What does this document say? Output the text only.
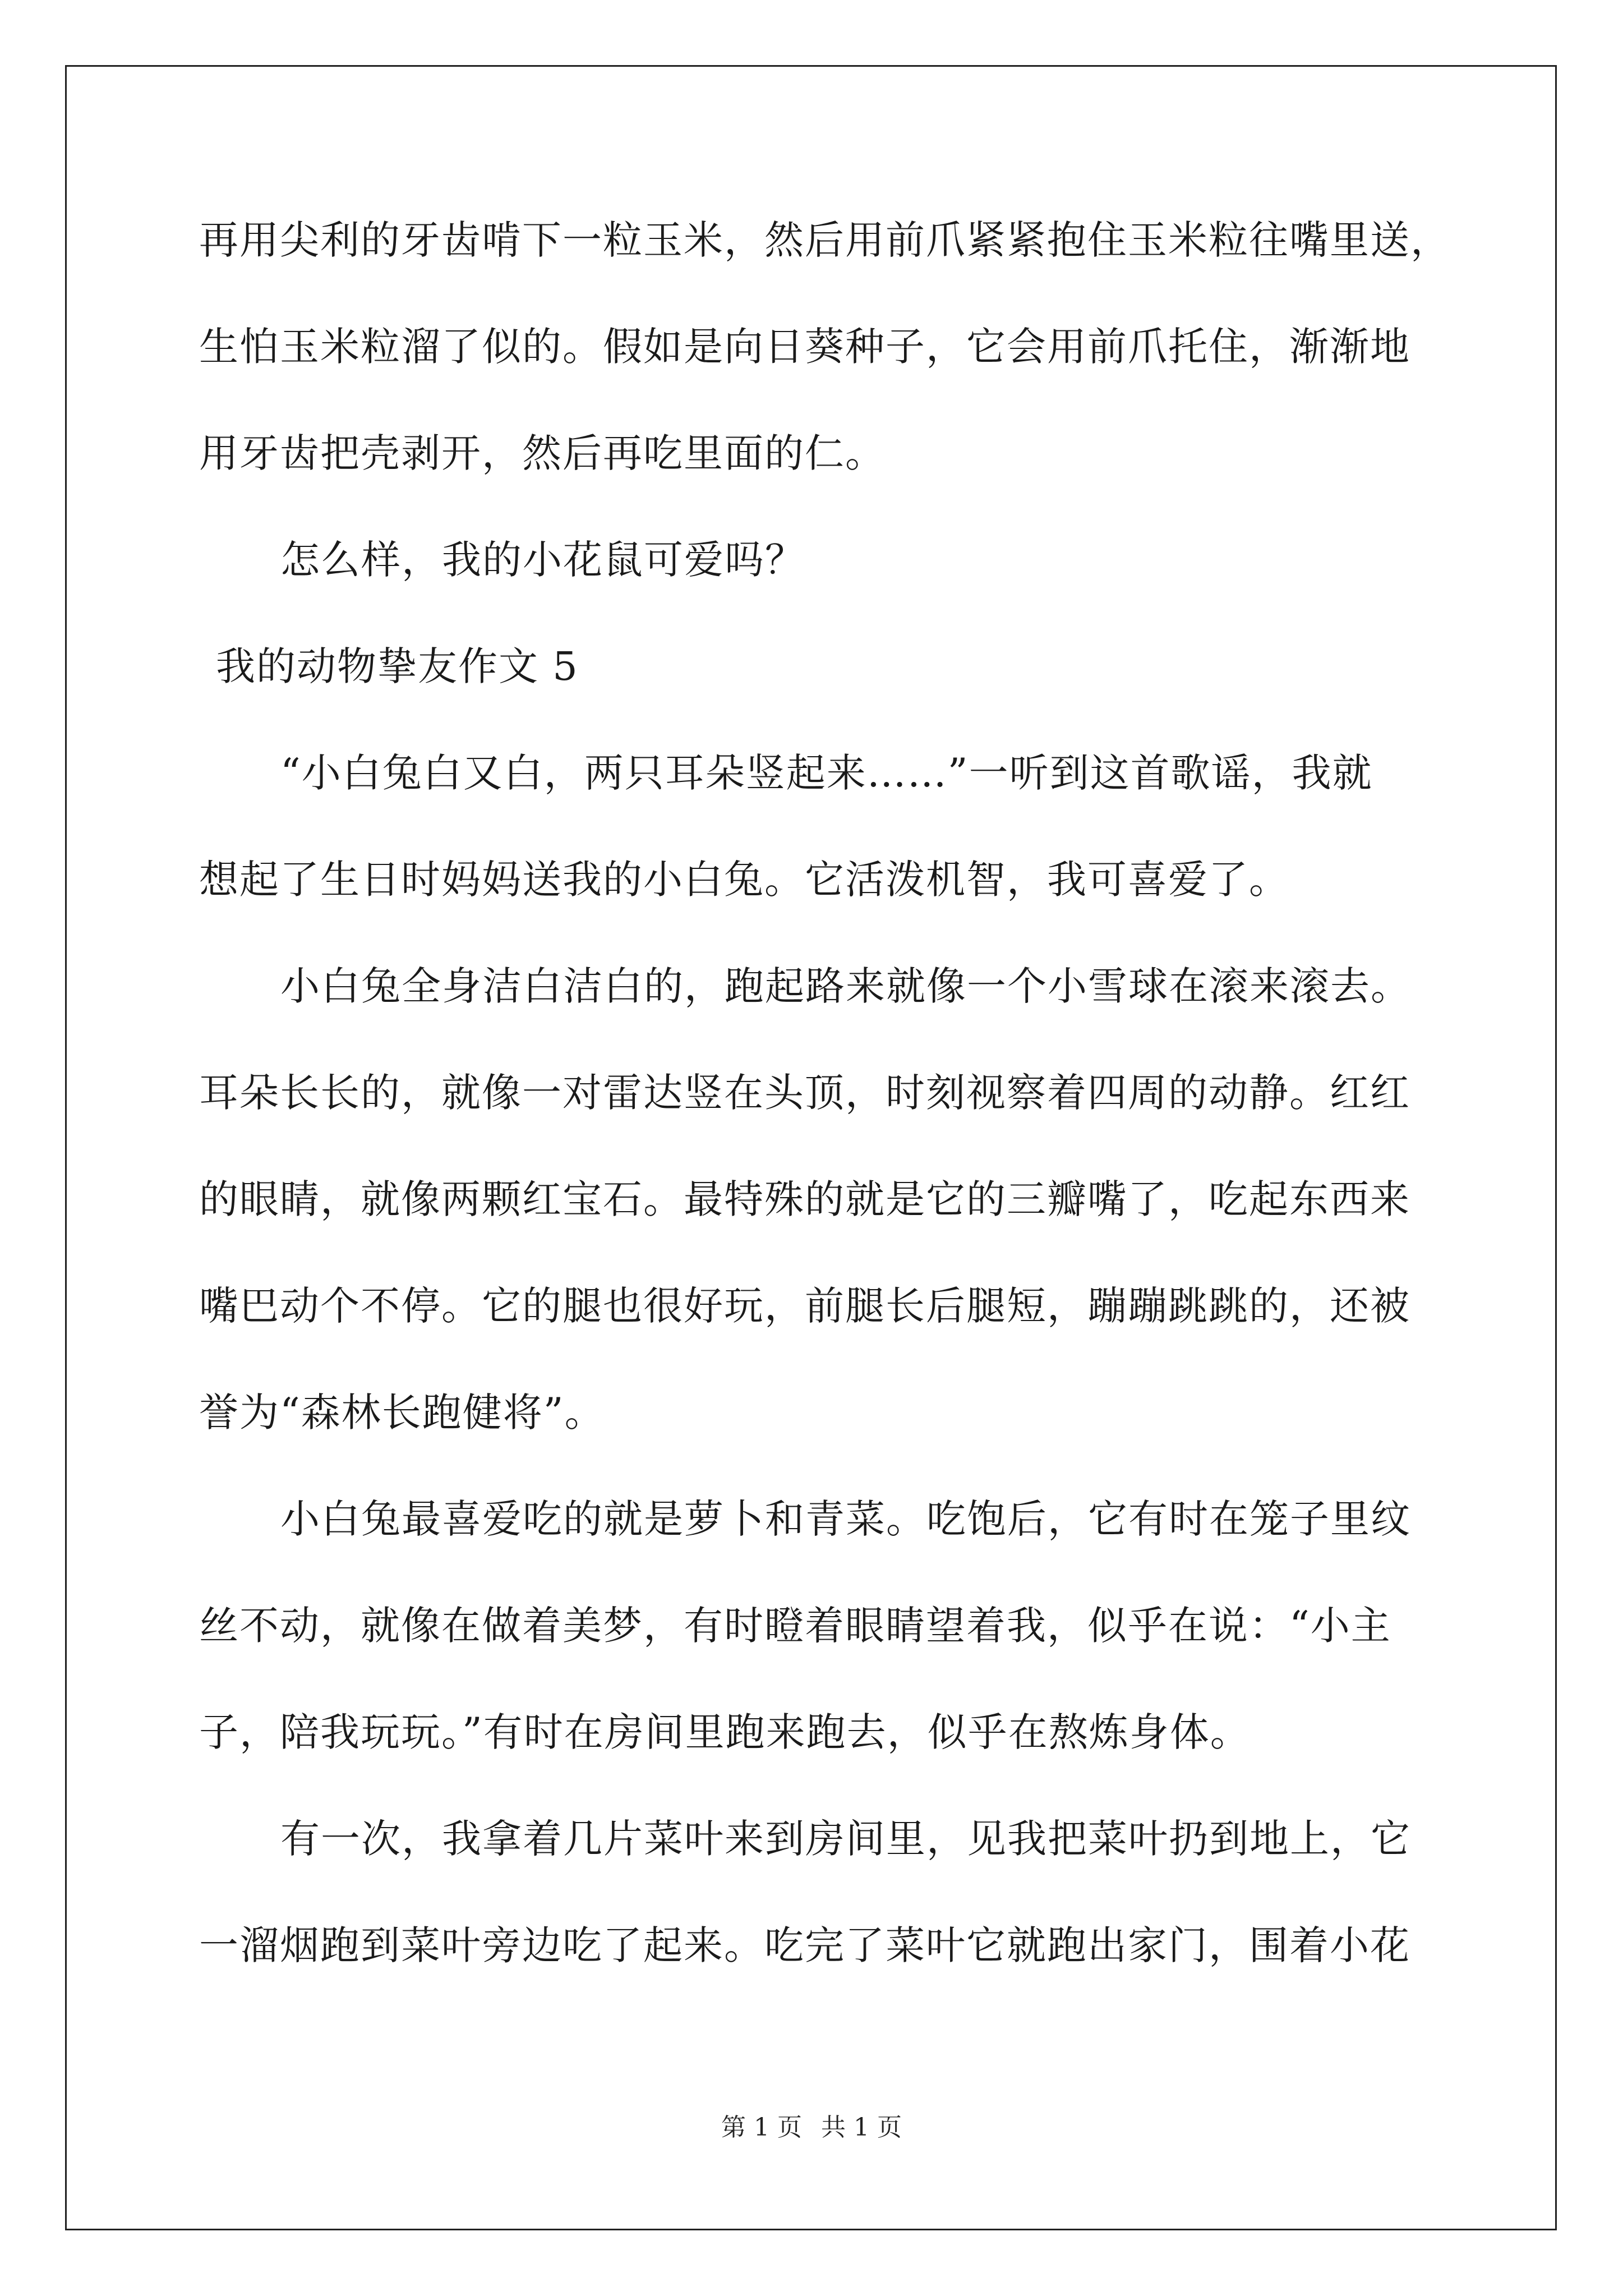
再用尖利的牙齿啃下一粒玉米，然后用前爪紧紧抱住玉米粒往嘴里送，
生怕玉米粒溜了似的。假如是向日葵种子，它会用前爪托住，渐渐地
用牙齿把壳剥开，然后再吃里面的仁。
怎么样，我的小花鼠可爱吗？
我的动物挚友作文 5
“小白兔白又白，两只耳朵竖起来……”一听到这首歌谣，我就
想起了生日时妈妈送我的小白兔。它活泼机智，我可喜爱了。
小白兔全身洁白洁白的，跑起路来就像一个小雪球在滚来滚去。
耳朵长长的，就像一对雷达竖在头顶，时刻视察着四周的动静。红红
的眼睛，就像两颗红宝石。最特殊的就是它的三瓣嘴了，吃起东西来
嘴巴动个不停。它的腿也很好玩，前腿长后腿短，蹦蹦跳跳的，还被
誉为“森林长跑健将”。
小白兔最喜爱吃的就是萝卜和青菜。吃饱后，它有时在笼子里纹
丝不动，就像在做着美梦，有时瞪着眼睛望着我，似乎在说：“小主
子，陪我玩玩。”有时在房间里跑来跑去，似乎在熬炼身体。
有一次，我拿着几片菜叶来到房间里，见我把菜叶扔到地上，它
一溜烟跑到菜叶旁边吃了起来。吃完了菜叶它就跑出家门，围着小花
第 1 页 共 1 页
